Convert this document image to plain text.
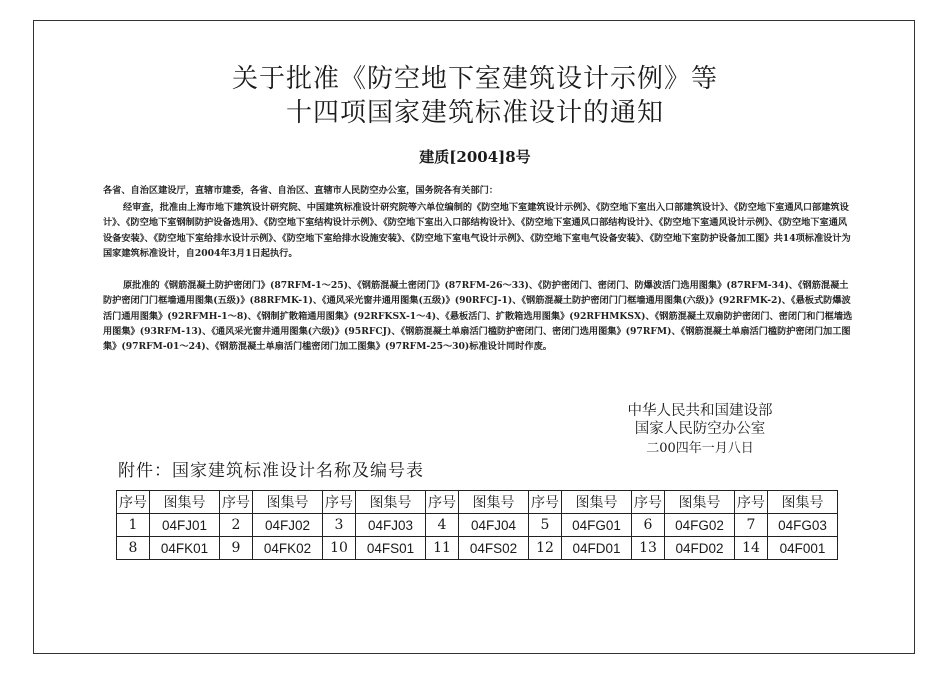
关于批准《防空地下室建筑设计示例》等
十四项国家建筑标准设计的通知
建质[2004]8号
各省、自治区建设厅，直辖市建委，各省、自治区、直辖市人民防空办公室，国务院各有关部门：
经审查，批准由上海市地下建筑设计研究院、中国建筑标准设计研究院等六单位编制的《防空地下室建筑设计示例》、《防空地下室出入口部建筑设计》、《防空地下室通风口部建筑设计》、《防空地下室钢制防护设备选用》、《防空地下室结构设计示例》、《防空地下室出入口部结构设计》、《防空地下室通风口部结构设计》、《防空地下室通风设计示例》、《防空地下室通风设备安装》、《防空地下室给排水设计示例》、《防空地下室给排水设施安装》、《防空地下室电气设计示例》、《防空地下室电气设备安装》、《防空地下室防护设备加工图》共14项标准设计为国家建筑标准设计，自2004年3月1日起执行。
原批准的《钢筋混凝土防护密闭门》(87RFM-1～25)、《钢筋混凝土密闭门》(87RFM-26～33)、《防护密闭门、密闭门、防爆波活门选用图集》(87RFM-34)、《钢筋混凝土防护密闭门门框墙通用图集(五级)》(88RFMK-1)、《通风采光窗井通用图集(五级)》(90RFCJ-1)、《钢筋混凝土防护密闭门门框墙通用图集(六级)》(92RFMK-2)、《悬板式防爆波活门通用图集》(92RFMH-1～8)、《钢制扩散箱通用图集》(92RFKSX-1～4)、《悬板活门、扩散箱选用图集》(92RFHMKSX)、《钢筋混凝土双扇防护密闭门、密闭门和门框墙选用图集》(93RFM-13)、《通风采光窗井通用图集(六级)》(95RFCJ)、《钢筋混凝土单扇活门槛防护密闭门、密闭门选用图集》(97RFM)、《钢筋混凝土单扇活门槛防护密闭门加工图集》(97RFM-01～24)、《钢筋混凝土单扇活门槛密闭门加工图集》(97RFM-25～30)标准设计同时作废。
中华人民共和国建设部
国家人民防空办公室
二00四年一月八日
附件：国家建筑标准设计名称及编号表
序号	图集号	序号	图集号	序号	图集号	序号	图集号	序号	图集号	序号	图集号	序号	图集号
1	04FJ01	2	04FJ02	3	04FJ03	4	04FJ04	5	04FG01	6	04FG02	7	04FG03
8	04FK01	9	04FK02	10	04FS01	11	04FS02	12	04FD01	13	04FD02	14	04F001
